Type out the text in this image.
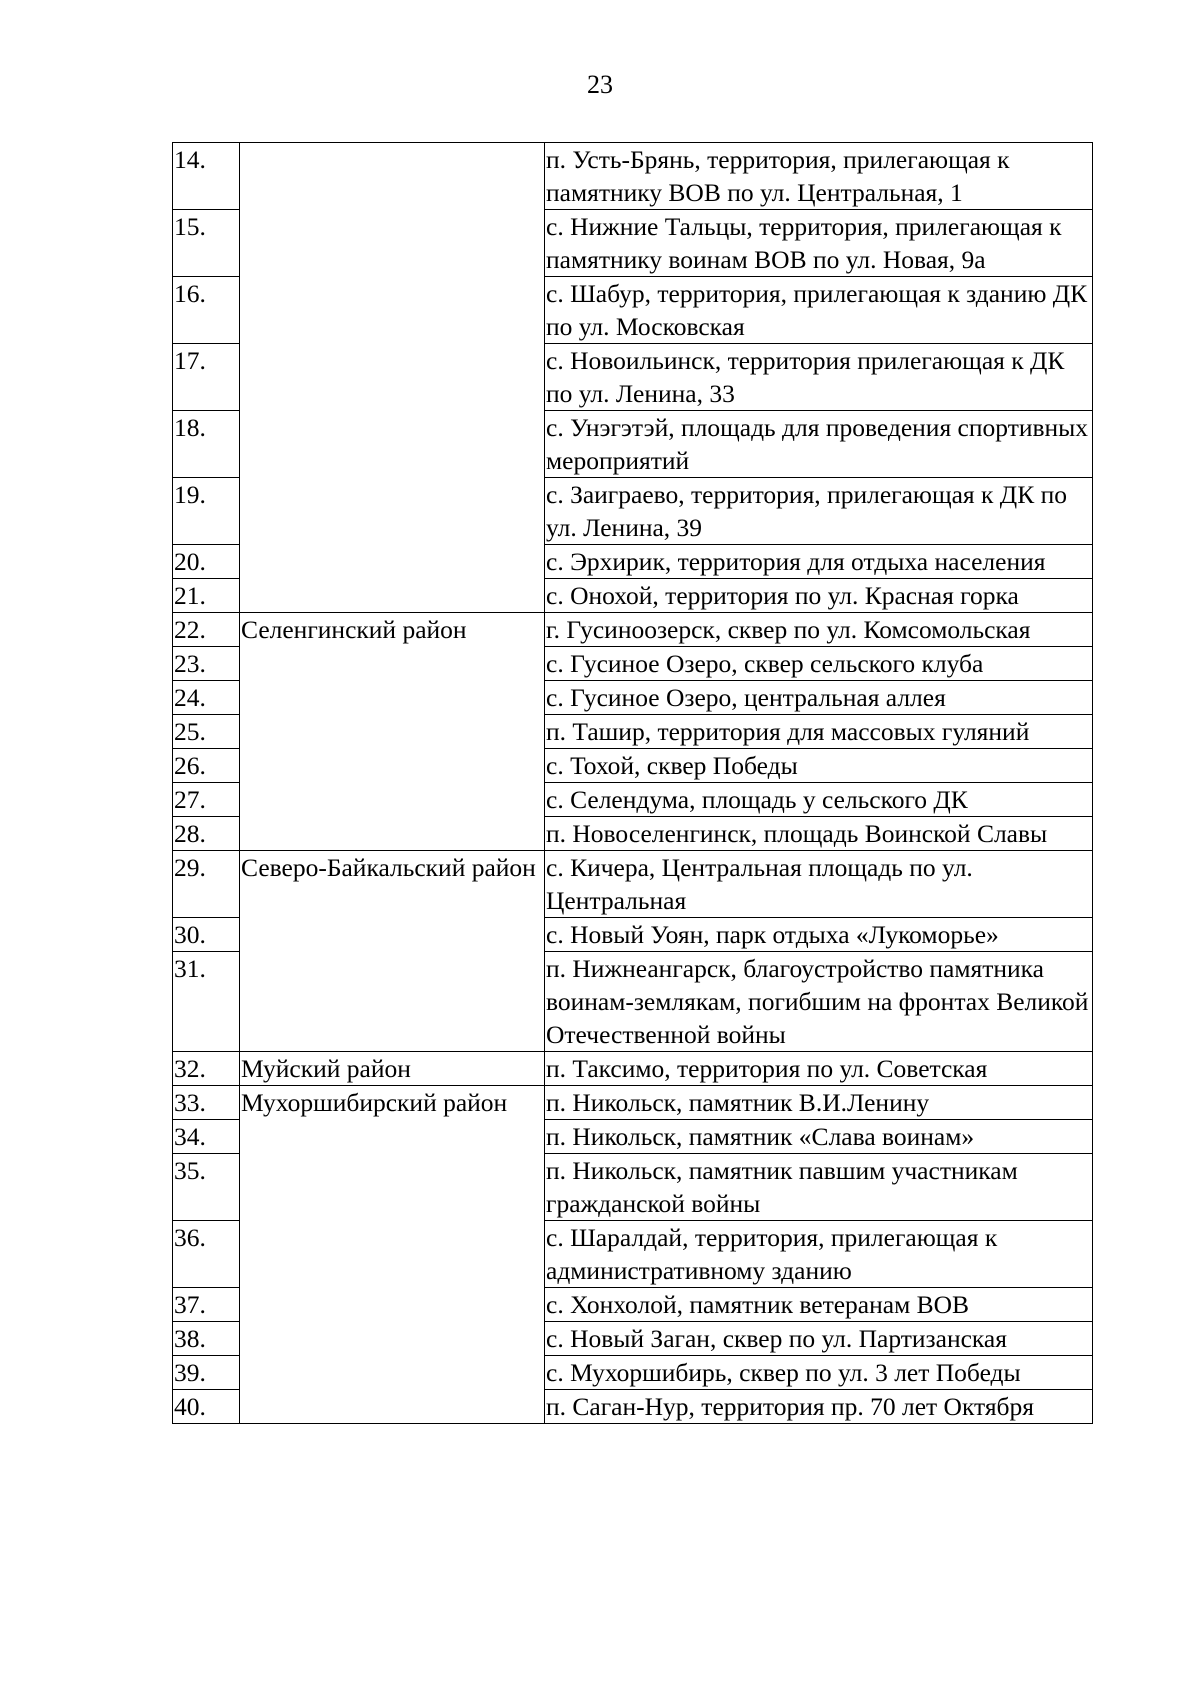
23
14.		п. Усть-Брянь, территория, прилегающая к памятнику ВОВ по ул. Центральная, 1
15.		с. Нижние Тальцы, территория, прилегающая к памятнику воинам ВОВ по ул. Новая, 9а
16.		с. Шабур, территория, прилегающая к зданию ДК по ул. Московская
17.		с. Новоильинск, территория прилегающая к ДК по ул. Ленина, 33
18.		с. Унэгэтэй, площадь для проведения спортивных мероприятий
19.		с. Заиграево, территория, прилегающая к ДК по ул. Ленина, 39
20.		с. Эрхирик, территория для отдыха населения
21.		с. Онохой, территория по ул. Красная горка
22.	Селенгинский район	г. Гусиноозерск, сквер по ул. Комсомольская
23.		с. Гусиное Озеро, сквер сельского клуба
24.		с. Гусиное Озеро, центральная аллея
25.		п. Ташир, территория для массовых гуляний
26.		с. Тохой, сквер Победы
27.		с. Селендума, площадь у сельского ДК
28.		п. Новоселенгинск, площадь Воинской Славы
29.	Северо-Байкальский район	с. Кичера, Центральная площадь по ул. Центральная
30.		с. Новый Уоян, парк отдыха «Лукоморье»
31.		п. Нижнеангарск, благоустройство памятника воинам-землякам, погибшим на фронтах Великой Отечественной войны
32.	Муйский район	п. Таксимо, территория по ул. Советская
33.	Мухоршибирский район	п. Никольск, памятник В.И.Ленину
34.		п. Никольск, памятник «Слава воинам»
35.		п. Никольск, памятник павшим участникам гражданской войны
36.		с. Шаралдай, территория, прилегающая к административному зданию
37.		с. Хонхолой, памятник ветеранам ВОВ
38.		с. Новый Заган, сквер по ул. Партизанская
39.		с. Мухоршибирь, сквер по ул. 3 лет Победы
40.		п. Саган-Нур, территория пр. 70 лет Октября
